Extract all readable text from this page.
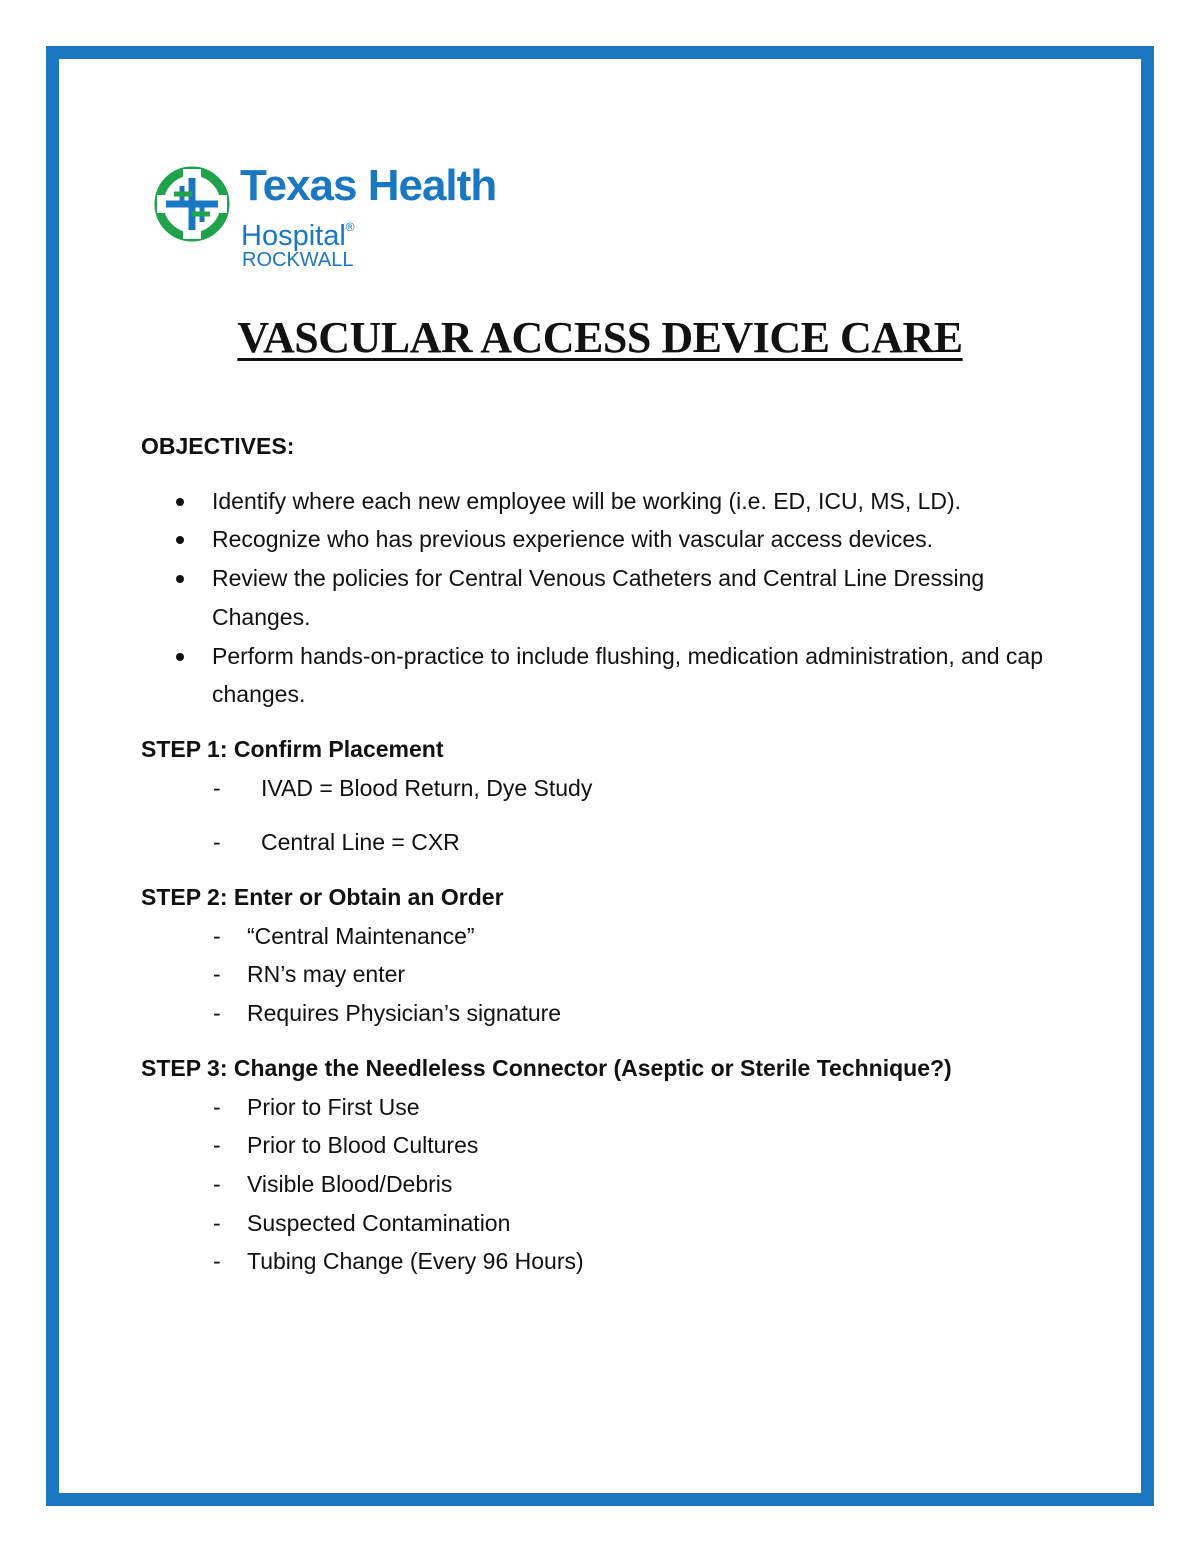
Texas Health
Hospital®
ROCKWALL
VASCULAR ACCESS DEVICE CARE

OBJECTIVES:

Identify where each new employee will be working (i.e. ED, ICU, MS, LD).
Recognize who has previous experience with vascular access devices.
Review the policies for Central Venous Catheters and Central Line Dressing Changes.
Perform hands-on-practice to include flushing, medication administration, and cap changes.

STEP 1: Confirm Placement

- IVAD = Blood Return, Dye Study
- Central Line = CXR

STEP 2: Enter or Obtain an Order

- “Central Maintenance”
- RN’s may enter
- Requires Physician’s signature

STEP 3: Change the Needleless Connector (Aseptic or Sterile Technique?)

- Prior to First Use
- Prior to Blood Cultures
- Visible Blood/Debris
- Suspected Contamination
- Tubing Change (Every 96 Hours)
